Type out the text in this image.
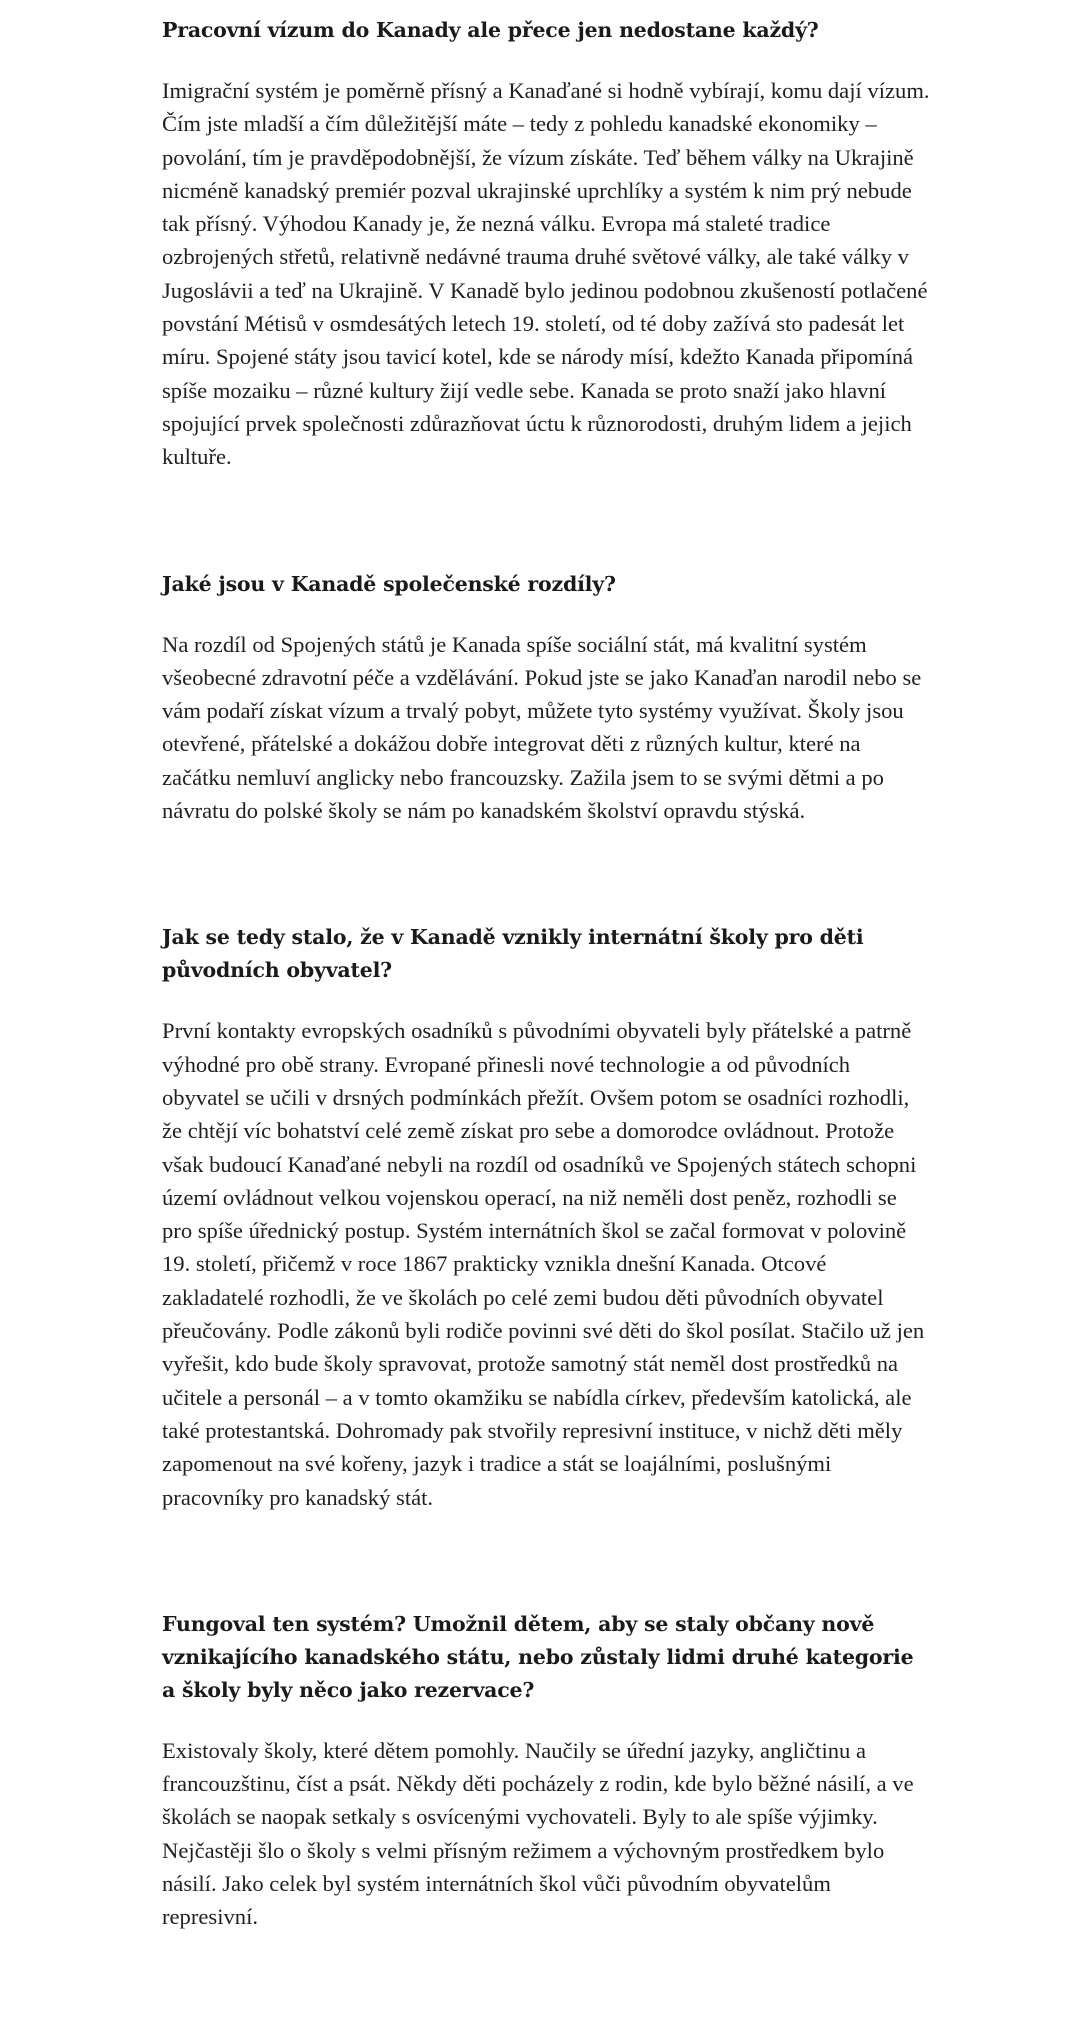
Pracovní vízum do Kanady ale přece jen nedostane každý?

Imigrační systém je poměrně přísný a Kanaďané si hodně vybírají, komu dají vízum. Čím jste mladší a čím důležitější máte – tedy z pohledu kanadské ekonomiky – povolání, tím je pravděpodobnější, že vízum získáte. Teď během války na Ukrajině nicméně kanadský premiér pozval ukrajinské uprchlíky a systém k nim prý nebude tak přísný. Výhodou Kanady je, že nezná válku. Evropa má staleté tradice ozbrojených střetů, relativně nedávné trauma druhé světové války, ale také války v Jugoslávii a teď na Ukrajině. V Kanadě bylo jedinou podobnou zkušeností potlačené povstání Métisů v osmdesátých letech 19. století, od té doby zažívá sto padesát let míru. Spojené státy jsou tavicí kotel, kde se národy mísí, kdežto Kanada připomíná spíše mozaiku – různé kultury žijí vedle sebe. Kanada se proto snaží jako hlavní spojující prvek společnosti zdůrazňovat úctu k různorodosti, druhým lidem a jejich kultuře.

Jaké jsou v Kanadě společenské rozdíly?

Na rozdíl od Spojených států je Kanada spíše sociální stát, má kvalitní systém všeobecné zdravotní péče a vzdělávání. Pokud jste se jako Kanaďan narodil nebo se vám podaří získat vízum a trvalý pobyt, můžete tyto systémy využívat. Školy jsou otevřené, přátelské a dokážou dobře integrovat děti z různých kultur, které na začátku nemluví anglicky nebo francouzsky. Zažila jsem to se svými dětmi a po návratu do polské školy se nám po kanadském školství opravdu stýská.

Jak se tedy stalo, že v Kanadě vznikly internátní školy pro děti původních obyvatel?

První kontakty evropských osadníků s původními obyvateli byly přátelské a patrně výhodné pro obě strany. Evropané přinesli nové technologie a od původních obyvatel se učili v drsných podmínkách přežít. Ovšem potom se osadníci rozhodli, že chtějí víc bohatství celé země získat pro sebe a domorodce ovládnout. Protože však budoucí Kanaďané nebyli na rozdíl od osadníků ve Spojených státech schopni území ovládnout velkou vojenskou operací, na niž neměli dost peněz, rozhodli se pro spíše úřednický postup. Systém internátních škol se začal formovat v polovině 19. století, přičemž v roce 1867 prakticky vznikla dnešní Kanada. Otcové zakladatelé rozhodli, že ve školách po celé zemi budou děti původních obyvatel přeučovány. Podle zákonů byli rodiče povinni své děti do škol posílat. Stačilo už jen vyřešit, kdo bude školy spravovat, protože samotný stát neměl dost prostředků na učitele a personál – a v tomto okamžiku se nabídla církev, především katolická, ale také protestantská. Dohromady pak stvořily represivní instituce, v nichž děti měly zapomenout na své kořeny, jazyk i tradice a stát se loajálními, poslušnými pracovníky pro kanadský stát.

Fungoval ten systém? Umožnil dětem, aby se staly občany nově vznikajícího kanadského státu, nebo zůstaly lidmi druhé kategorie a školy byly něco jako rezervace?

Existovaly školy, které dětem pomohly. Naučily se úřední jazyky, angličtinu a francouzštinu, číst a psát. Někdy děti pocházely z rodin, kde bylo běžné násilí, a ve školách se naopak setkaly s osvícenými vychovateli. Byly to ale spíše výjimky. Nejčastěji šlo o školy s velmi přísným režimem a výchovným prostředkem bylo násilí. Jako celek byl systém internátních škol vůči původním obyvatelům represivní.
